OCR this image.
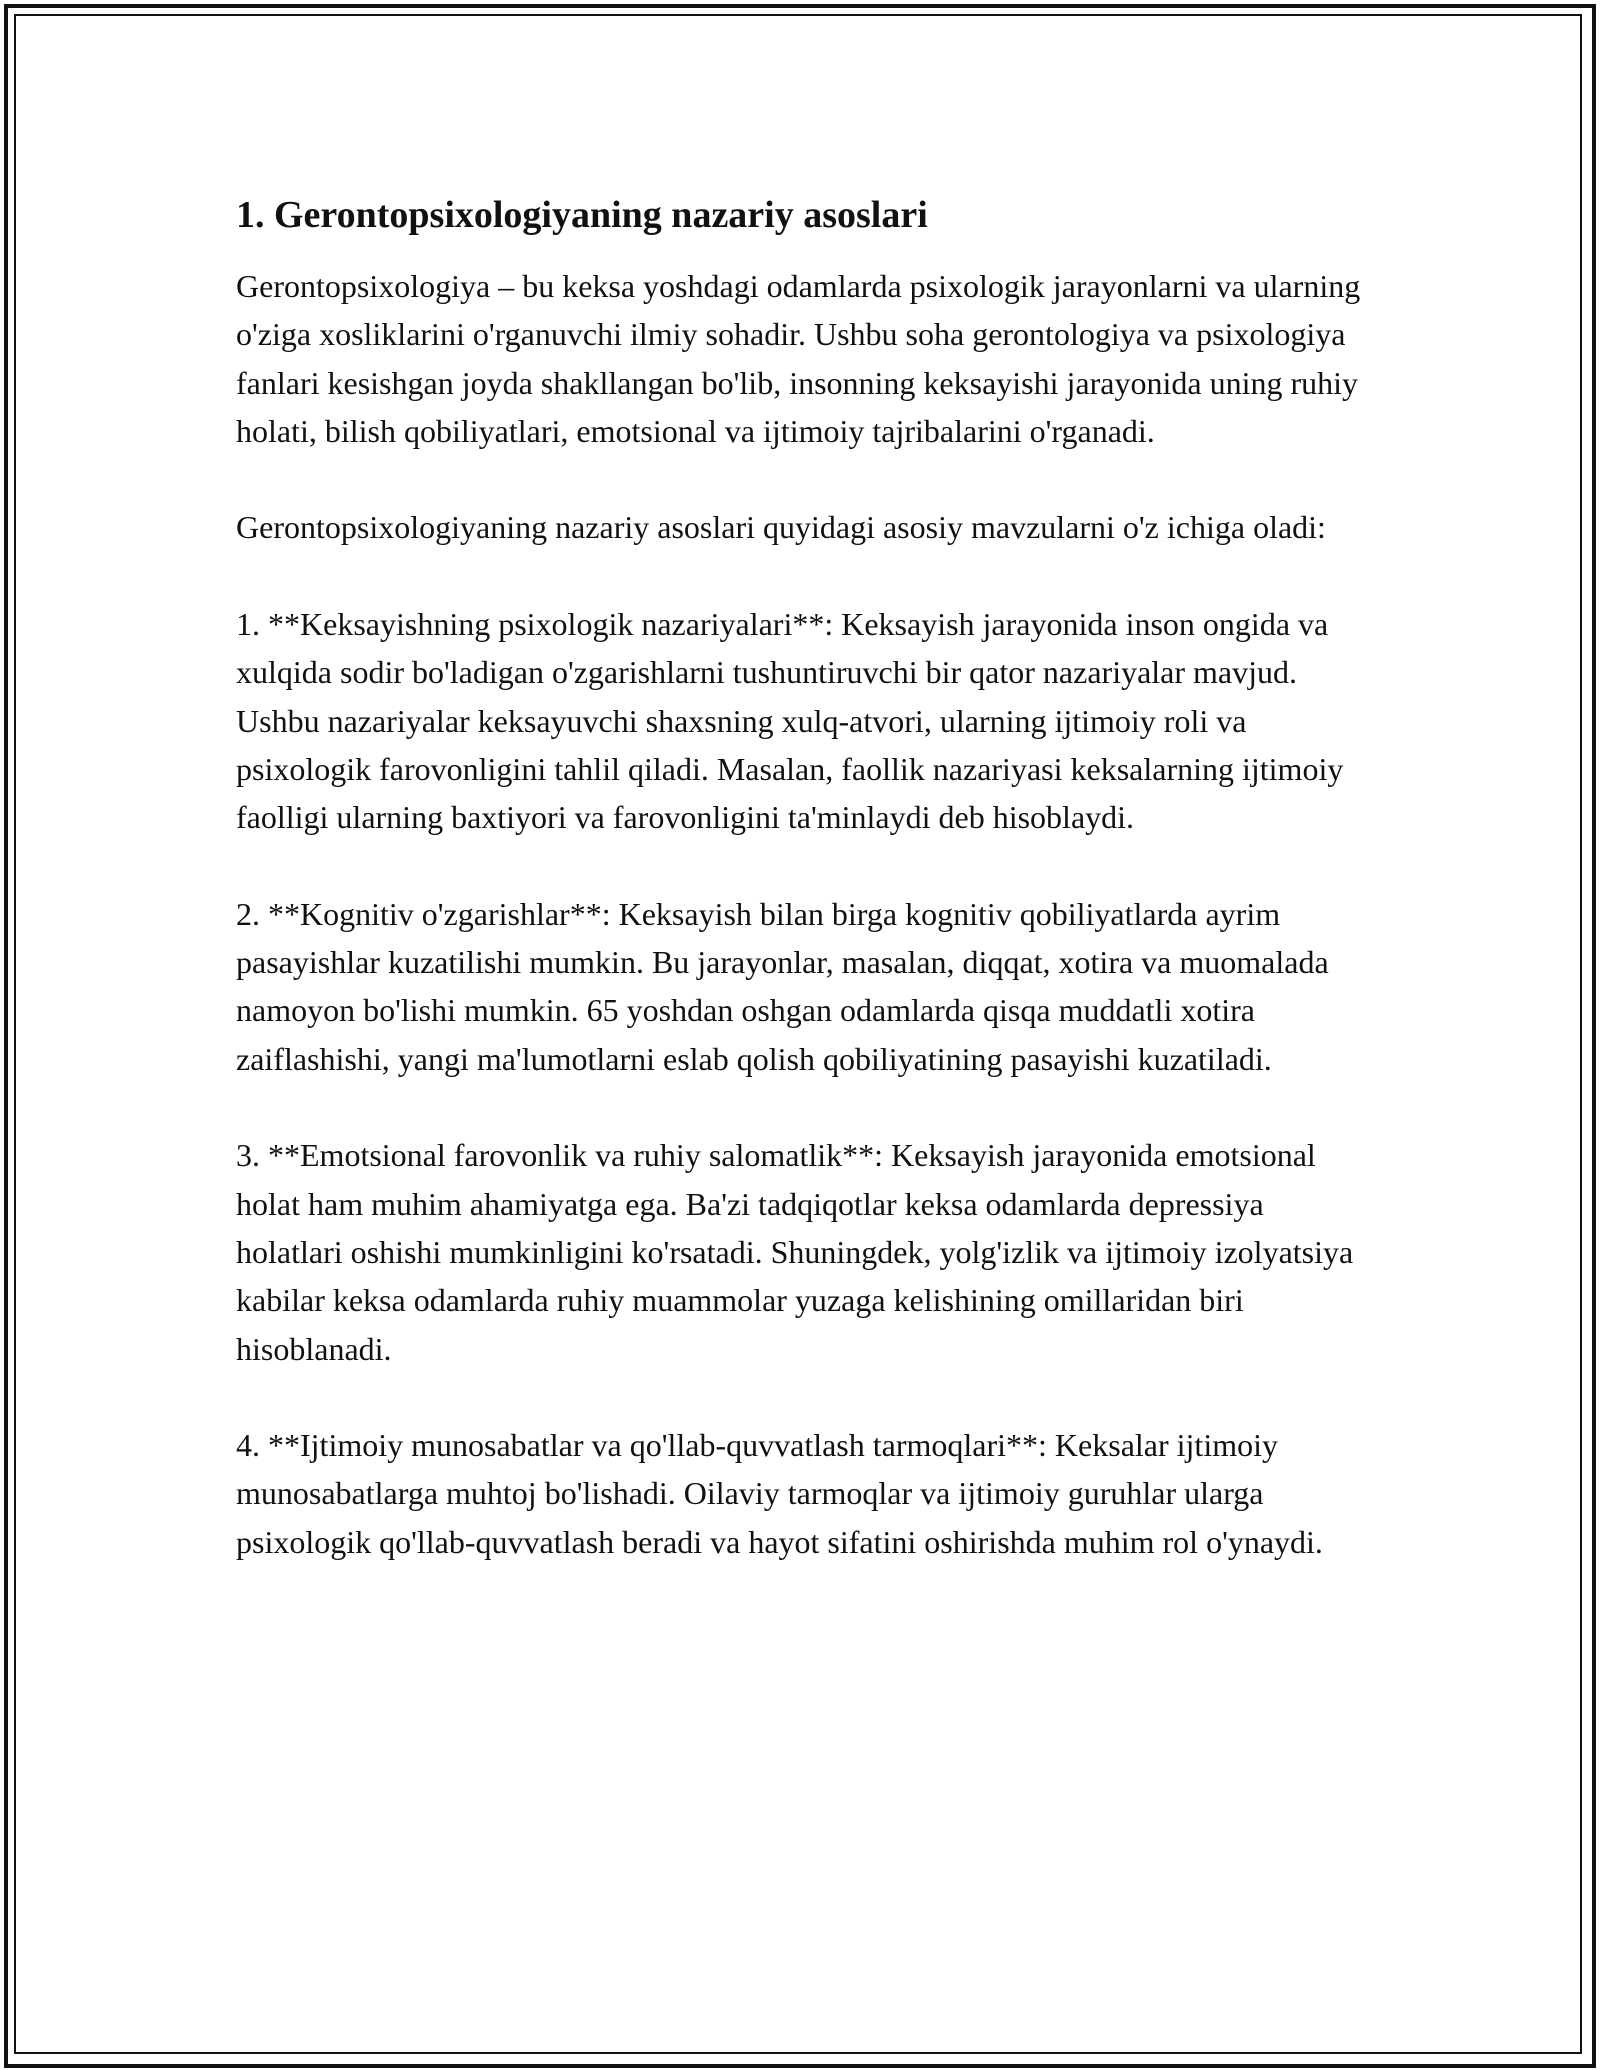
1. Gerontopsixologiyaning nazariy asoslari

Gerontopsixologiya – bu keksa yoshdagi odamlarda psixologik jarayonlarni va ularning o'ziga xosliklarini o'rganuvchi ilmiy sohadir. Ushbu soha gerontologiya va psixologiya fanlari kesishgan joyda shakllangan bo'lib, insonning keksayishi jarayonida uning ruhiy holati, bilish qobiliyatlari, emotsional va ijtimoiy tajribalarini o'rganadi.

Gerontopsixologiyaning nazariy asoslari quyidagi asosiy mavzularni o'z ichiga oladi:

1. **Keksayishning psixologik nazariyalari**: Keksayish jarayonida inson ongida va xulqida sodir bo'ladigan o'zgarishlarni tushuntiruvchi bir qator nazariyalar mavjud. Ushbu nazariyalar keksayuvchi shaxsning xulq-atvori, ularning ijtimoiy roli va psixologik farovonligini tahlil qiladi. Masalan, faollik nazariyasi keksalarning ijtimoiy faolligi ularning baxtiyori va farovonligini ta'minlaydi deb hisoblaydi.

2. **Kognitiv o'zgarishlar**: Keksayish bilan birga kognitiv qobiliyatlarda ayrim pasayishlar kuzatilishi mumkin. Bu jarayonlar, masalan, diqqat, xotira va muomalada namoyon bo'lishi mumkin. 65 yoshdan oshgan odamlarda qisqa muddatli xotira zaiflashishi, yangi ma'lumotlarni eslab qolish qobiliyatining pasayishi kuzatiladi.

3. **Emotsional farovonlik va ruhiy salomatlik**: Keksayish jarayonida emotsional holat ham muhim ahamiyatga ega. Ba'zi tadqiqotlar keksa odamlarda depressiya holatlari oshishi mumkinligini ko'rsatadi. Shuningdek, yolg'izlik va ijtimoiy izolyatsiya kabilar keksa odamlarda ruhiy muammolar yuzaga kelishining omillaridan biri hisoblanadi.

4. **Ijtimoiy munosabatlar va qo'llab-quvvatlash tarmoqlari**: Keksalar ijtimoiy munosabatlarga muhtoj bo'lishadi. Oilaviy tarmoqlar va ijtimoiy guruhlar ularga psixologik qo'llab-quvvatlash beradi va hayot sifatini oshirishda muhim rol o'ynaydi.
